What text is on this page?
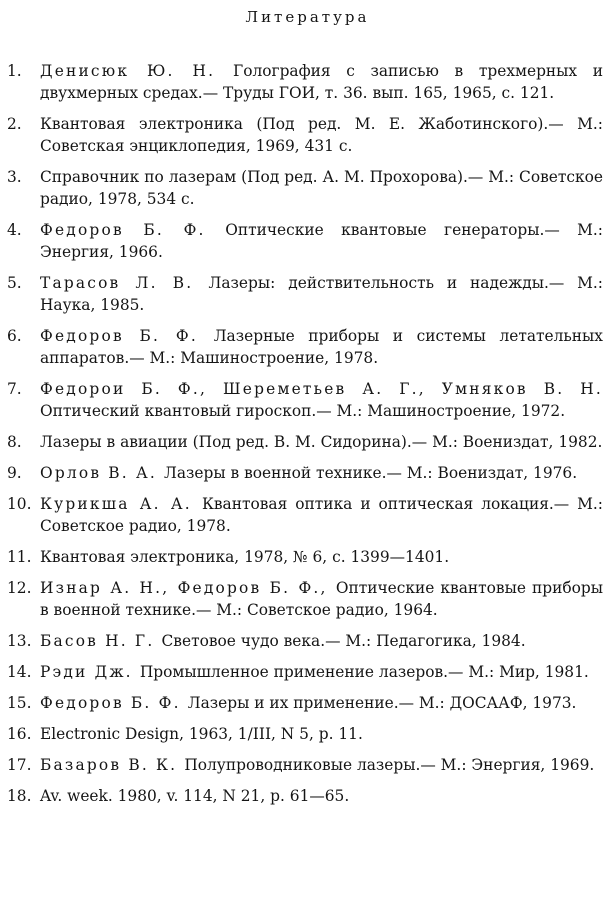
Литература
1.	Денисюк Ю. Н. Голография с записью в трехмерных и двухмерных средах.— Труды ГОИ, т. 36. вып. 165, 1965, с. 121.
2.	Квантовая электроника (Под ред. М. Е. Жаботинского).— М.: Советская энциклопедия, 1969, 431 с.
3.	Справочник по лазерам (Под ред. А. М. Прохорова).— М.: Советское радио, 1978, 534 с.
4.	Федоров Б. Ф. Оптические квантовые генераторы.— М.: Энергия, 1966.
5.	Тарасов Л. В. Лазеры: действительность и надежды.— М.: Наука, 1985.
6.	Федоров Б. Ф. Лазерные приборы и системы летательных аппаратов.— М.: Машиностроение, 1978.
7.	Федорои Б. Ф., Шереметьев А. Г., Умняков В. Н. Оптический квантовый гироскоп.— М.: Машиностроение, 1972.
8.	Лазеры в авиации (Под ред. В. М. Сидорина).— М.: Воениздат, 1982.
9.	Орлов В. А. Лазеры в военной технике.— М.: Воениздат, 1976.
10. Курикша А. А. Квантовая оптика и оптическая локация.— М.: Советское радио, 1978.
11. Квантовая электроника, 1978, № 6, с. 1399—1401.
12. Изнар А. Н., Федоров Б. Ф., Оптические квантовые приборы в военной технике.— М.: Советское радио, 1964.
13. Басов Н. Г. Световое чудо века.— М.: Педагогика, 1984.
14. Рэди Дж. Промышленное применение лазеров.— М.: Мир, 1981.
15. Федоров Б. Ф. Лазеры и их применение.— М.: ДОСААФ, 1973.
16. Electronic Design, 1963, 1/III, N 5, p. 11.
17. Базаров В. К. Полупроводниковые лазеры.— М.: Энергия, 1969.
18. Av. week. 1980, v. 114, N 21, p. 61—65.
